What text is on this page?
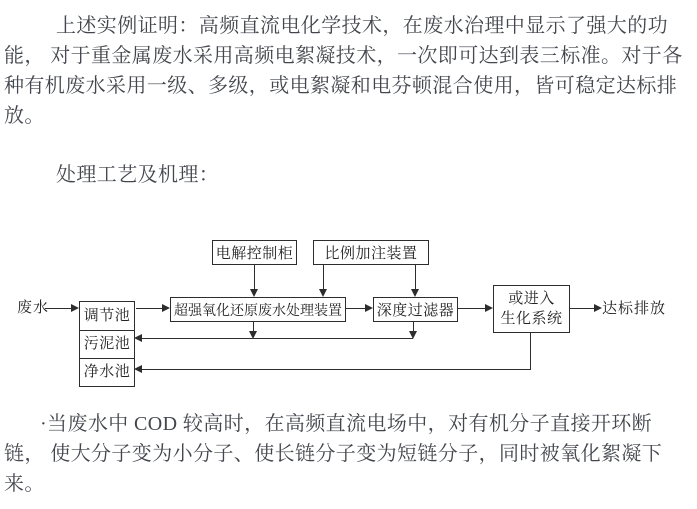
上述实例证明：高频直流电化学技术，在废水治理中显示了强大的功
能， 对于重金属废水采用高频电絮凝技术，一次即可达到表三标准。对于各
种有机废水采用一级、多级，或电絮凝和电芬顿混合使用，皆可稳定达标排
放。
处理工艺及机理：
废水 调节池
污泥池
净水池
电解控制柜	比例加注装置
超强氧化还原废水处理装置 深度过滤器
或进入
生化系统
达标排放
·当废水中 COD 较高时，在高频直流电场中，对有机分子直接开环断
链， 使大分子变为小分子、使长链分子变为短链分子，同时被氧化絮凝下
来。
